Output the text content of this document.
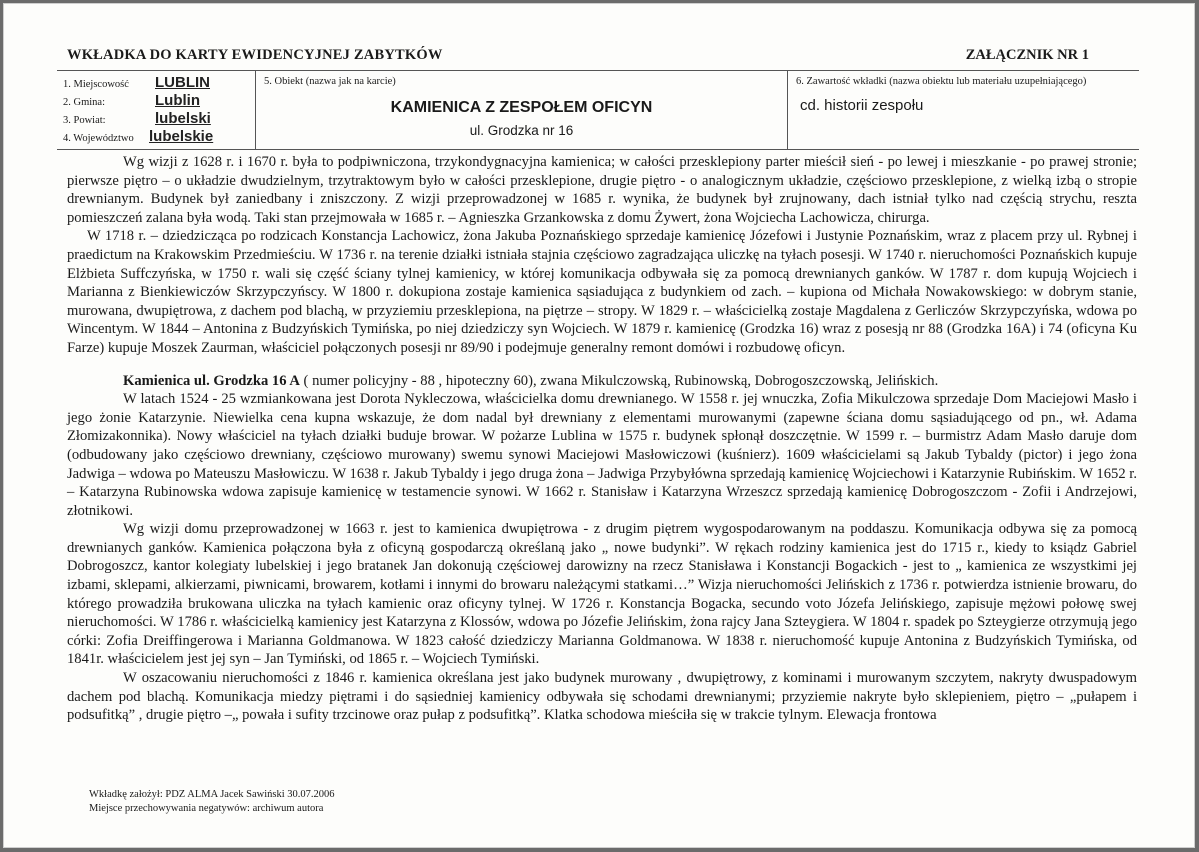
WKŁADKA DO KARTY EWIDENCYJNEJ ZABYTKÓW	ZAŁĄCZNIK NR 1
1. Miejscowość	LUBLIN
2. Gmina:	Lublin
3. Powiat:	lubelski
4. Województwo	lubelskie
5. Obiekt (nazwa jak na karcie)
KAMIENICA Z ZESPOŁEM OFICYN
ul. Grodzka nr 16
6. Zawartość wkładki (nazwa obiektu lub materiału uzupełniającego)
cd. historii zespołu

Wg wizji z 1628 r. i 1670 r. była to podpiwniczona, trzykondygnacyjna kamienica; w całości przesklepiony parter mieścił sień - po lewej i mieszkanie - po prawej stronie; pierwsze piętro – o układzie dwudzielnym, trzytraktowym było w całości przesklepione, drugie piętro - o analogicznym układzie, częściowo przesklepione, z wielką izbą o stropie drewnianym. Budynek był zaniedbany i zniszczony. Z wizji przeprowadzonej w 1685 r. wynika, że budynek był zrujnowany, dach istniał tylko nad częścią strychu, reszta pomieszczeń zalana była wodą. Taki stan przejmowała w 1685 r. – Agnieszka Grzankowska z domu Żywert, żona Wojciecha Lachowicza, chirurga.

W 1718 r. – dziedzicząca po rodzicach Konstancja Lachowicz, żona Jakuba Poznańskiego sprzedaje kamienicę Józefowi i Justynie Poznańskim, wraz z placem przy ul. Rybnej i praedictum na Krakowskim Przedmieściu. W 1736 r. na terenie działki istniała stajnia częściowo zagradzająca uliczkę na tyłach posesji. W 1740 r. nieruchomości Poznańskich kupuje Elżbieta Suffczyńska, w 1750 r. wali się część ściany tylnej kamienicy, w której komunikacja odbywała się za pomocą drewnianych ganków. W 1787 r. dom kupują Wojciech i Marianna z Bienkiewiczów Skrzypczyńscy. W 1800 r. dokupiona zostaje kamienica sąsiadująca z budynkiem od zach. – kupiona od Michała Nowakowskiego: w dobrym stanie, murowana, dwupiętrowa, z dachem pod blachą, w przyziemiu przesklepiona, na piętrze – stropy. W 1829 r. – właścicielką zostaje Magdalena z Gerliczów Skrzypczyńska, wdowa po Wincentym. W 1844 – Antonina z Budzyńskich Tymińska, po niej dziedziczy syn Wojciech. W 1879 r. kamienicę (Grodzka 16) wraz z posesją nr 88 (Grodzka 16A) i 74 (oficyna Ku Farze) kupuje Moszek Zaurman, właściciel połączonych posesji nr 89/90 i podejmuje generalny remont domówi i rozbudowę oficyn.

Kamienica ul. Grodzka 16 A ( numer policyjny - 88 , hipoteczny 60), zwana Mikulczowską, Rubinowską, Dobrogoszczowską, Jelińskich.

W latach 1524 - 25 wzmiankowana jest Dorota Nykleczowa, właścicielka domu drewnianego. W 1558 r. jej wnuczka, Zofia Mikulczowa sprzedaje Dom Maciejowi Masło i jego żonie Katarzynie. Niewielka cena kupna wskazuje, że dom nadal był drewniany z elementami murowanymi (zapewne ściana domu sąsiadującego od pn., wł. Adama Złomizakonnika). Nowy właściciel na tyłach działki buduje browar. W pożarze Lublina w 1575 r. budynek spłonął doszczętnie. W 1599 r. – burmistrz Adam Masło daruje dom (odbudowany jako częściowo drewniany, częściowo murowany) swemu synowi Maciejowi Masłowiczowi (kuśnierz). 1609 właścicielami są Jakub Tybaldy (pictor) i jego żona Jadwiga – wdowa po Mateuszu Masłowiczu. W 1638 r. Jakub Tybaldy i jego druga żona – Jadwiga Przybyłówna sprzedają kamienicę Wojciechowi i Katarzynie Rubińskim. W 1652 r. – Katarzyna Rubinowska wdowa zapisuje kamienicę w testamencie synowi. W 1662 r. Stanisław i Katarzyna Wrzeszcz sprzedają kamienicę Dobrogoszczom - Zofii i Andrzejowi, złotnikowi.

Wg wizji domu przeprowadzonej w 1663 r. jest to kamienica dwupiętrowa - z drugim piętrem wygospodarowanym na poddaszu. Komunikacja odbywa się za pomocą drewnianych ganków. Kamienica połączona była z oficyną gospodarczą określaną jako „ nowe budynki”. W rękach rodziny kamienica jest do 1715 r., kiedy to ksiądz Gabriel Dobrogoszcz, kantor kolegiaty lubelskiej i jego bratanek Jan dokonują częściowej darowizny na rzecz Stanisława i Konstancji Bogackich - jest to „ kamienica ze wszystkimi jej izbami, sklepami, alkierzami, piwnicami, browarem, kotłami i innymi do browaru należącymi statkami…” Wizja nieruchomości Jelińskich z 1736 r. potwierdza istnienie browaru, do którego prowadziła brukowana uliczka na tyłach kamienic oraz oficyny tylnej. W 1726 r. Konstancja Bogacka, secundo voto Józefa Jelińskiego, zapisuje mężowi połowę swej nieruchomości. W 1786 r. właścicielką kamienicy jest Katarzyna z Klossów, wdowa po Józefie Jelińskim, żona rajcy Jana Szteygiera. W 1804 r. spadek po Szteygierze otrzymują jego córki: Zofia Dreiffingerowa i Marianna Goldmanowa. W 1823 całość dziedziczy Marianna Goldmanowa. W 1838 r. nieruchomość kupuje Antonina z Budzyńskich Tymińska, od 1841r. właścicielem jest jej syn – Jan Tymiński, od 1865 r. – Wojciech Tymiński.

W oszacowaniu nieruchomości z 1846 r. kamienica określana jest jako budynek murowany , dwupiętrowy, z kominami i murowanym szczytem, nakryty dwuspadowym dachem pod blachą. Komunikacja miedzy piętrami i do sąsiedniej kamienicy odbywała się schodami drewnianymi; przyziemie nakryte było sklepieniem, piętro – „pułapem i podsufitką” , drugie piętro –„ powała i sufity trzcinowe oraz pułap z podsufitką”. Klatka schodowa mieściła się w trakcie tylnym. Elewacja frontowa

Wkładkę założył: PDZ ALMA Jacek Sawiński 30.07.2006
Miejsce przechowywania negatywów: archiwum autora
